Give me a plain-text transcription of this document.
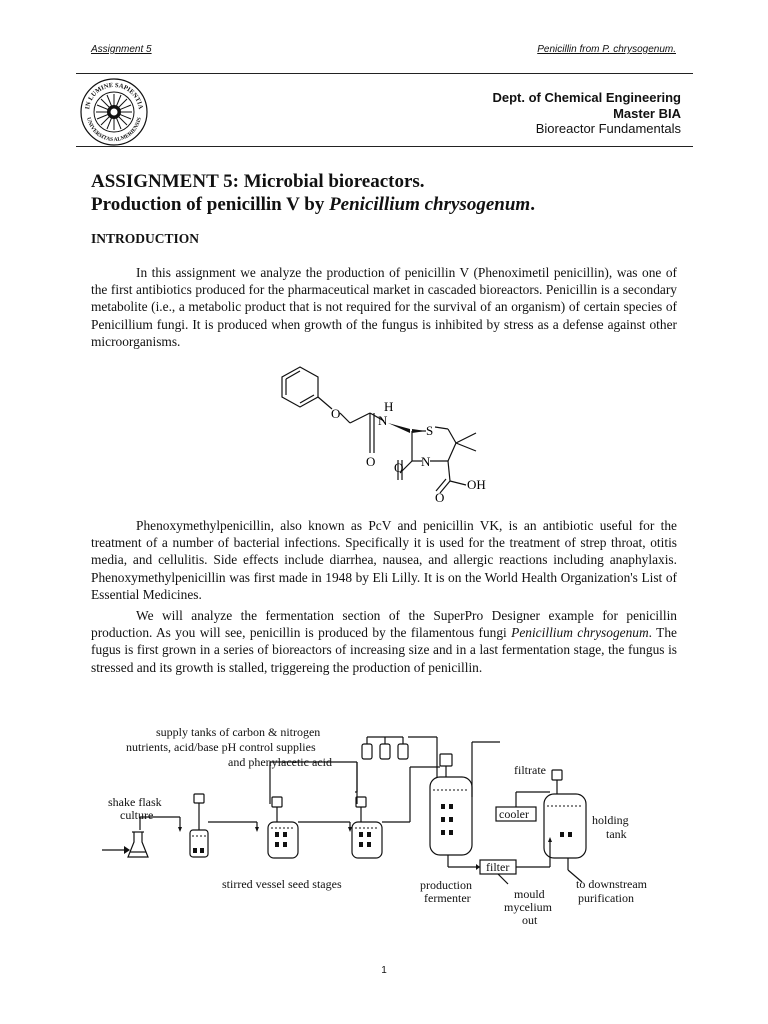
Assignment 5	Penicillin from P. chrysogenum.
IN LUMINE SAPIENTIA
UNIVERSITAS ALMERIENSIS
Dept. of Chemical Engineering
Master BIA
Bioreactor Fundamentals
ASSIGNMENT 5: Microbial bioreactors.
Production of penicillin V by Penicillium chrysogenum.
INTRODUCTION

In this assignment we analyze the production of penicillin V (Phenoximetil penicillin), was one of the first antibiotics produced for the pharmaceutical market in cascaded bioreactors. Penicillin is a secondary metabolite (i.e., a metabolic product that is not required for the survival of an organism) of certain species of Penicillium fungi. It is produced when growth of the fungus is inhibited by stress as a defense against other microorganisms.

O	H
N
S
N
O O
O
OH

Phenoxymethylpenicillin, also known as PcV and penicillin VK, is an antibiotic useful for the treatment of a number of bacterial infections. Specifically it is used for the treatment of strep throat, otitis media, and cellulitis. Side effects include diarrhea, nausea, and allergic reactions including anaphylaxis. Phenoxymethylpenicillin was first made in 1948 by Eli Lilly. It is on the World Health Organization's List of Essential Medicines.

We will analyze the fermentation section of the SuperPro Designer example for penicillin production. As you will see, penicillin is produced by the filamentous fungi Penicillium chrysogenum. The fugus is first grown in a series of bioreactors of increasing size and in a last fermentation stage, the fungus is stressed and its growth is stalled, triggereing the production of penicillin.

supply tanks of carbon & nitrogen
nutrients, acid/base pH control supplies
and phenylacetic acid
shake flask
culture
stirred vessel seed stages	production
fermenter
filtrate
cooler
filter
holding
tank
mould
mycelium
out
to downstream
purification
1
